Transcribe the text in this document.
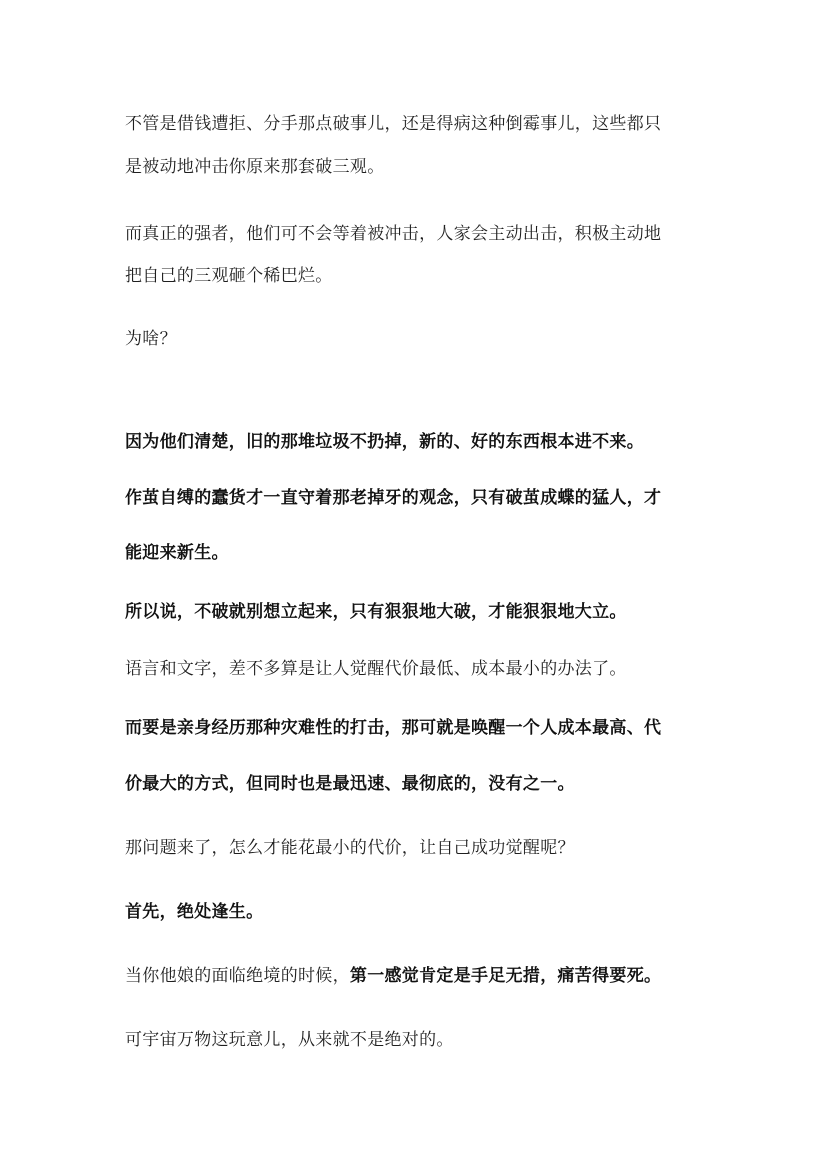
不管是借钱遭拒、分手那点破事儿，还是得病这种倒霉事儿，这些都只
是被动地冲击你原来那套破三观。
而真正的强者，他们可不会等着被冲击，人家会主动出击，积极主动地
把自己的三观砸个稀巴烂。
为啥？
因为他们清楚，旧的那堆垃圾不扔掉，新的、好的东西根本进不来。
作茧自缚的蠢货才一直守着那老掉牙的观念，只有破茧成蝶的猛人，才
能迎来新生。
所以说，不破就别想立起来，只有狠狠地大破，才能狠狠地大立。
语言和文字，差不多算是让人觉醒代价最低、成本最小的办法了。
而要是亲身经历那种灾难性的打击，那可就是唤醒一个人成本最高、代
价最大的方式，但同时也是最迅速、最彻底的，没有之一。
那问题来了，怎么才能花最小的代价，让自己成功觉醒呢？
首先，绝处逢生。
当你他娘的面临绝境的时候，第一感觉肯定是手足无措，痛苦得要死。
可宇宙万物这玩意儿，从来就不是绝对的。
